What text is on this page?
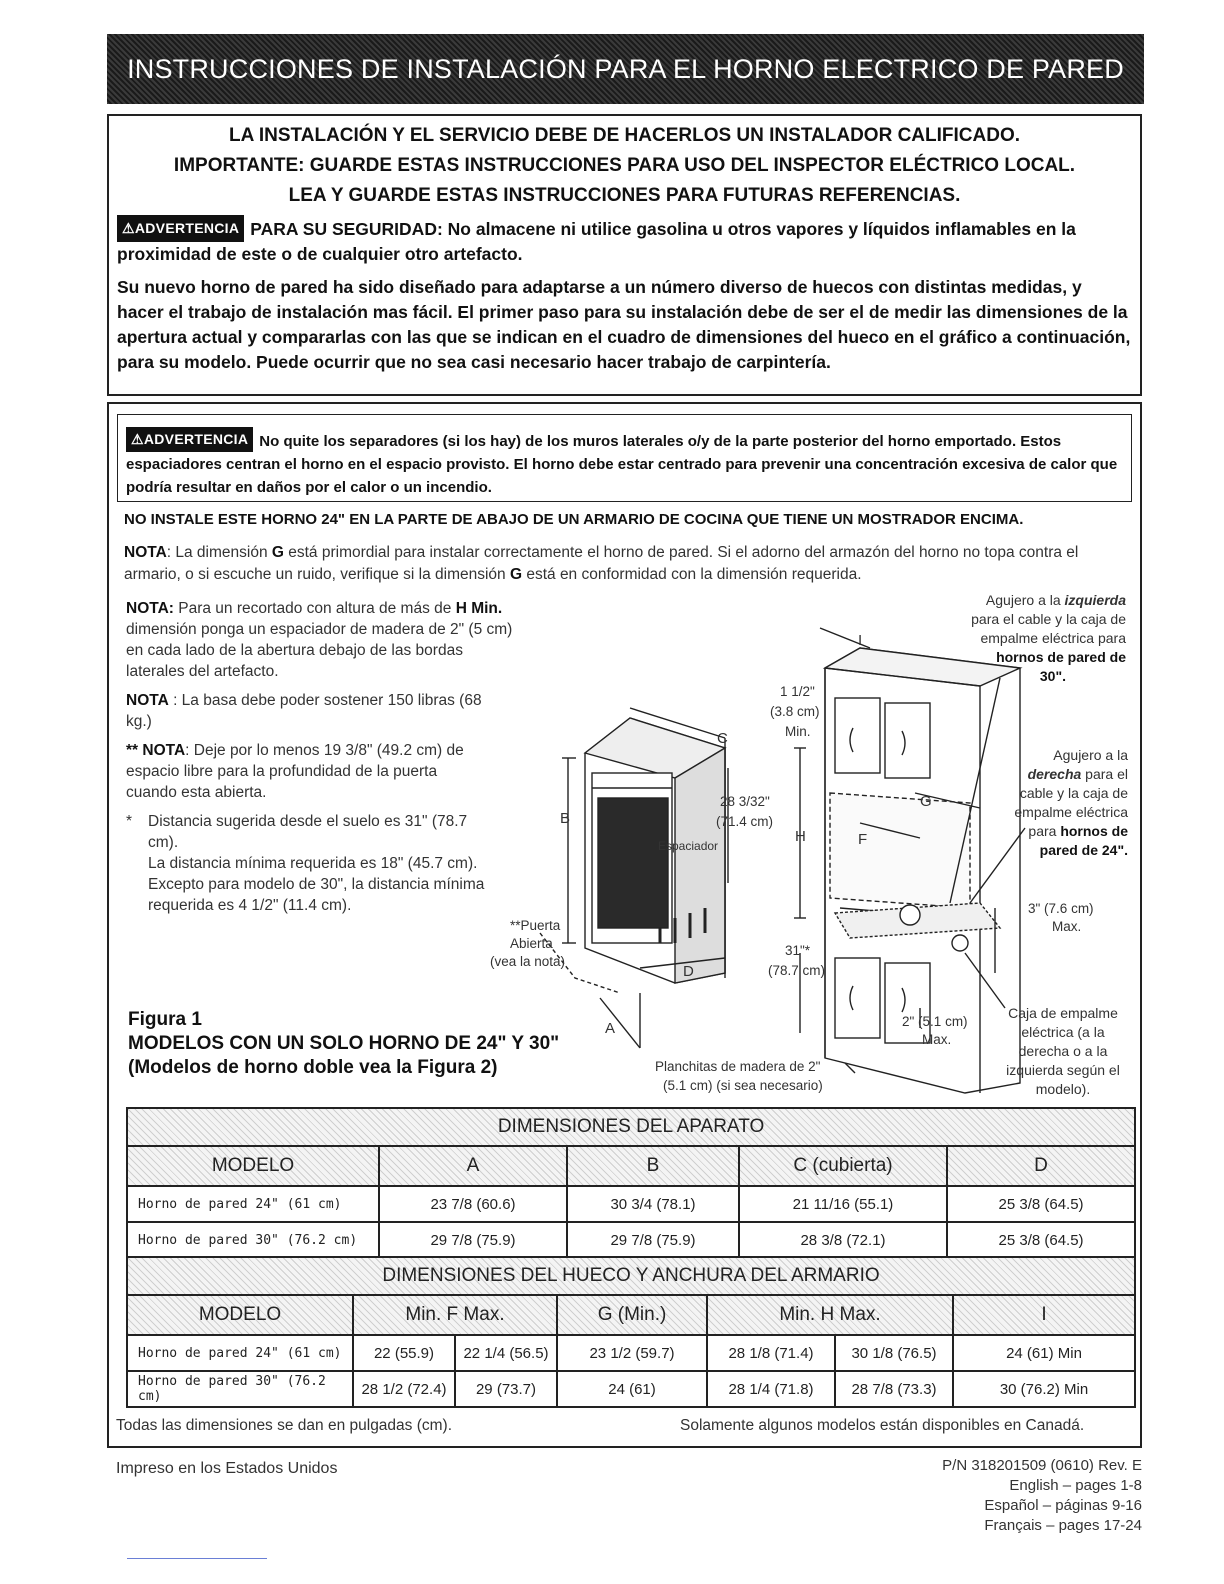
INSTRUCCIONES DE INSTALACIÓN PARA EL HORNO ELECTRICO DE PARED

LA INSTALACIÓN Y EL SERVICIO DEBE DE HACERLOS UN INSTALADOR CALIFICADO.

IMPORTANTE: GUARDE ESTAS INSTRUCCIONES PARA USO DEL INSPECTOR ELÉCTRICO LOCAL.

LEA Y GUARDE ESTAS INSTRUCCIONES PARA FUTURAS REFERENCIAS.

⚠ADVERTENCIA PARA SU SEGURIDAD: No almacene ni utilice gasolina u otros vapores y líquidos inflamables en la proximidad de este o de cualquier otro artefacto.

Su nuevo horno de pared ha sido diseñado para adaptarse a un número diverso de huecos con distintas medidas, y hacer el trabajo de instalación mas fácil. El primer paso para su instalación debe de ser el de medir las dimensiones de la apertura actual y compararlas con las que se indican en el cuadro de dimensiones del hueco en el gráfico a continuación, para su modelo. Puede ocurrir que no sea casi necesario hacer trabajo de carpintería.

⚠ADVERTENCIA No quite los separadores (si los hay) de los muros laterales o/y de la parte posterior del horno emportado. Estos espaciadores centran el horno en el espacio provisto. El horno debe estar centrado para prevenir una concentración excesiva de calor que podría resultar en daños por el calor o un incendio.
NO INSTALE ESTE HORNO 24" EN LA PARTE DE ABAJO DE UN ARMARIO DE COCINA QUE TIENE UN MOSTRADOR ENCIMA.
NOTA: La dimensión G está primordial para instalar correctamente el horno de pared. Si el adorno del armazón del horno no topa contra el armario, o si escuche un ruido, verifique si la dimensión G está en conformidad con la dimensión requerida.

NOTA: Para un recortado con altura de más de H Min.
dimensión ponga un espaciador de madera de 2" (5 cm) en cada lado de la abertura debajo de las bordas laterales del artefacto.

NOTA : La basa debe poder sostener 150 libras (68 kg.)

** NOTA: Deje por lo menos 19 3/8" (49.2 cm) de espacio libre para la profundidad de la puerta cuando esta abierta.

* Distancia sugerida desde el suelo es 31" (78.7 cm).
La distancia mínima requerida es 18" (45.7 cm).
Excepto para modelo de 30", la distancia mínima requerida es 4 1/2" (11.4 cm).
Figura 1
MODELOS CON UN SOLO HORNO DE 24" Y 30"
(Modelos de horno doble vea la Figura 2)
C
B
D
A
I
H
G
F
28 3/32"
(71.4 cm)
Espaciador
**Puerta
Abierta
(vea la nota)
1 1/2"
(3.8 cm)
Min.
31"*
(78.7 cm)
2" (5.1 cm)
Max.
3" (7.6 cm)
Max.
Planchitas de madera de 2"
(5.1 cm) (si sea necesario)
Agujero a la izquierda
para el cable y la caja de
empalme eléctrica para
hornos de pared de
30".
Agujero a la
derecha para el
cable y la caja de
empalme eléctrica
para hornos de
pared de 24".
Caja de empalme
eléctrica (a la
derecha o a la
izquierda según el
modelo).
DIMENSIONES DEL APARATO				
MODELO	A	B	C (cubierta)	D
Horno de pared 24" (61 cm)	23 7/8 (60.6)	30 3/4 (78.1)	21 11/16 (55.1)	25 3/8 (64.5)
Horno de pared 30" (76.2 cm)	29 7/8 (75.9)	29 7/8 (75.9)	28 3/8 (72.1)	25 3/8 (64.5)
DIMENSIONES DEL HUECO Y ANCHURA DEL ARMARIO						
MODELO	Min. F Max.		G (Min.)	Min. H Max.		I
Horno de pared 24" (61 cm)	22 (55.9)	22 1/4 (56.5)	23 1/2 (59.7)	28 1/8 (71.4)	30 1/8 (76.5)	24 (61) Min
Horno de pared 30" (76.2 cm)	28 1/2 (72.4)	29 (73.7)	24 (61)	28 1/4 (71.8)	28 7/8 (73.3)	30 (76.2) Min
Todas las dimensiones se dan en pulgadas (cm).	Solamente algunos modelos están disponibles en Canadá.
Impreso en los Estados Unidos	P/N 318201509 (0610) Rev. E
English – pages 1-8
Español – páginas 9-16
Français – pages 17-24
